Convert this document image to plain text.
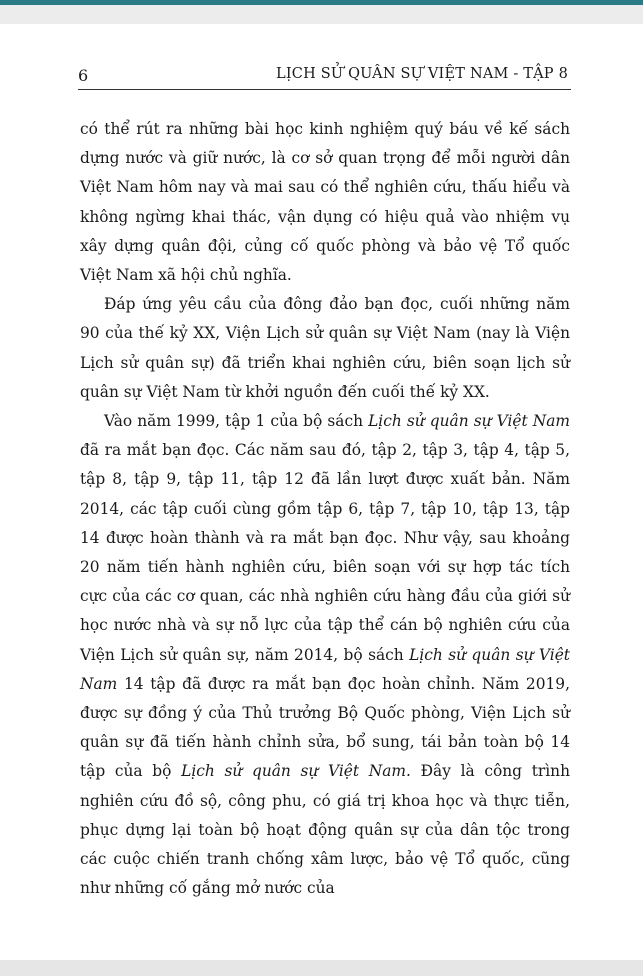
6	LỊCH SỬ QUÂN SỰ VIỆT NAM - TẬP 8

có thể rút ra những bài học kinh nghiệm quý báu về kế sách dựng nước và giữ nước, là cơ sở quan trọng để mỗi người dân Việt Nam hôm nay và mai sau có thể nghiên cứu, thấu hiểu và không ngừng khai thác, vận dụng có hiệu quả vào nhiệm vụ xây dựng quân đội, củng cố quốc phòng và bảo vệ Tổ quốc Việt Nam xã hội chủ nghĩa.

Đáp ứng yêu cầu của đông đảo bạn đọc, cuối những năm 90 của thế kỷ XX, Viện Lịch sử quân sự Việt Nam (nay là Viện Lịch sử quân sự) đã triển khai nghiên cứu, biên soạn lịch sử quân sự Việt Nam từ khởi nguồn đến cuối thế kỷ XX.

Vào năm 1999, tập 1 của bộ sách Lịch sử quân sự Việt Nam đã ra mắt bạn đọc. Các năm sau đó, tập 2, tập 3, tập 4, tập 5, tập 8, tập 9, tập 11, tập 12 đã lần lượt được xuất bản. Năm 2014, các tập cuối cùng gồm tập 6, tập 7, tập 10, tập 13, tập 14 được hoàn thành và ra mắt bạn đọc. Như vậy, sau khoảng 20 năm tiến hành nghiên cứu, biên soạn với sự hợp tác tích cực của các cơ quan, các nhà nghiên cứu hàng đầu của giới sử học nước nhà và sự nỗ lực của tập thể cán bộ nghiên cứu của Viện Lịch sử quân sự, năm 2014, bộ sách Lịch sử quân sự Việt Nam 14 tập đã được ra mắt bạn đọc hoàn chỉnh. Năm 2019, được sự đồng ý của Thủ trưởng Bộ Quốc phòng, Viện Lịch sử quân sự đã tiến hành chỉnh sửa, bổ sung, tái bản toàn bộ 14 tập của bộ Lịch sử quân sự Việt Nam. Đây là công trình nghiên cứu đồ sộ, công phu, có giá trị khoa học và thực tiễn, phục dựng lại toàn bộ hoạt động quân sự của dân tộc trong các cuộc chiến tranh chống xâm lược, bảo vệ Tổ quốc, cũng như những cố gắng mở nước của
